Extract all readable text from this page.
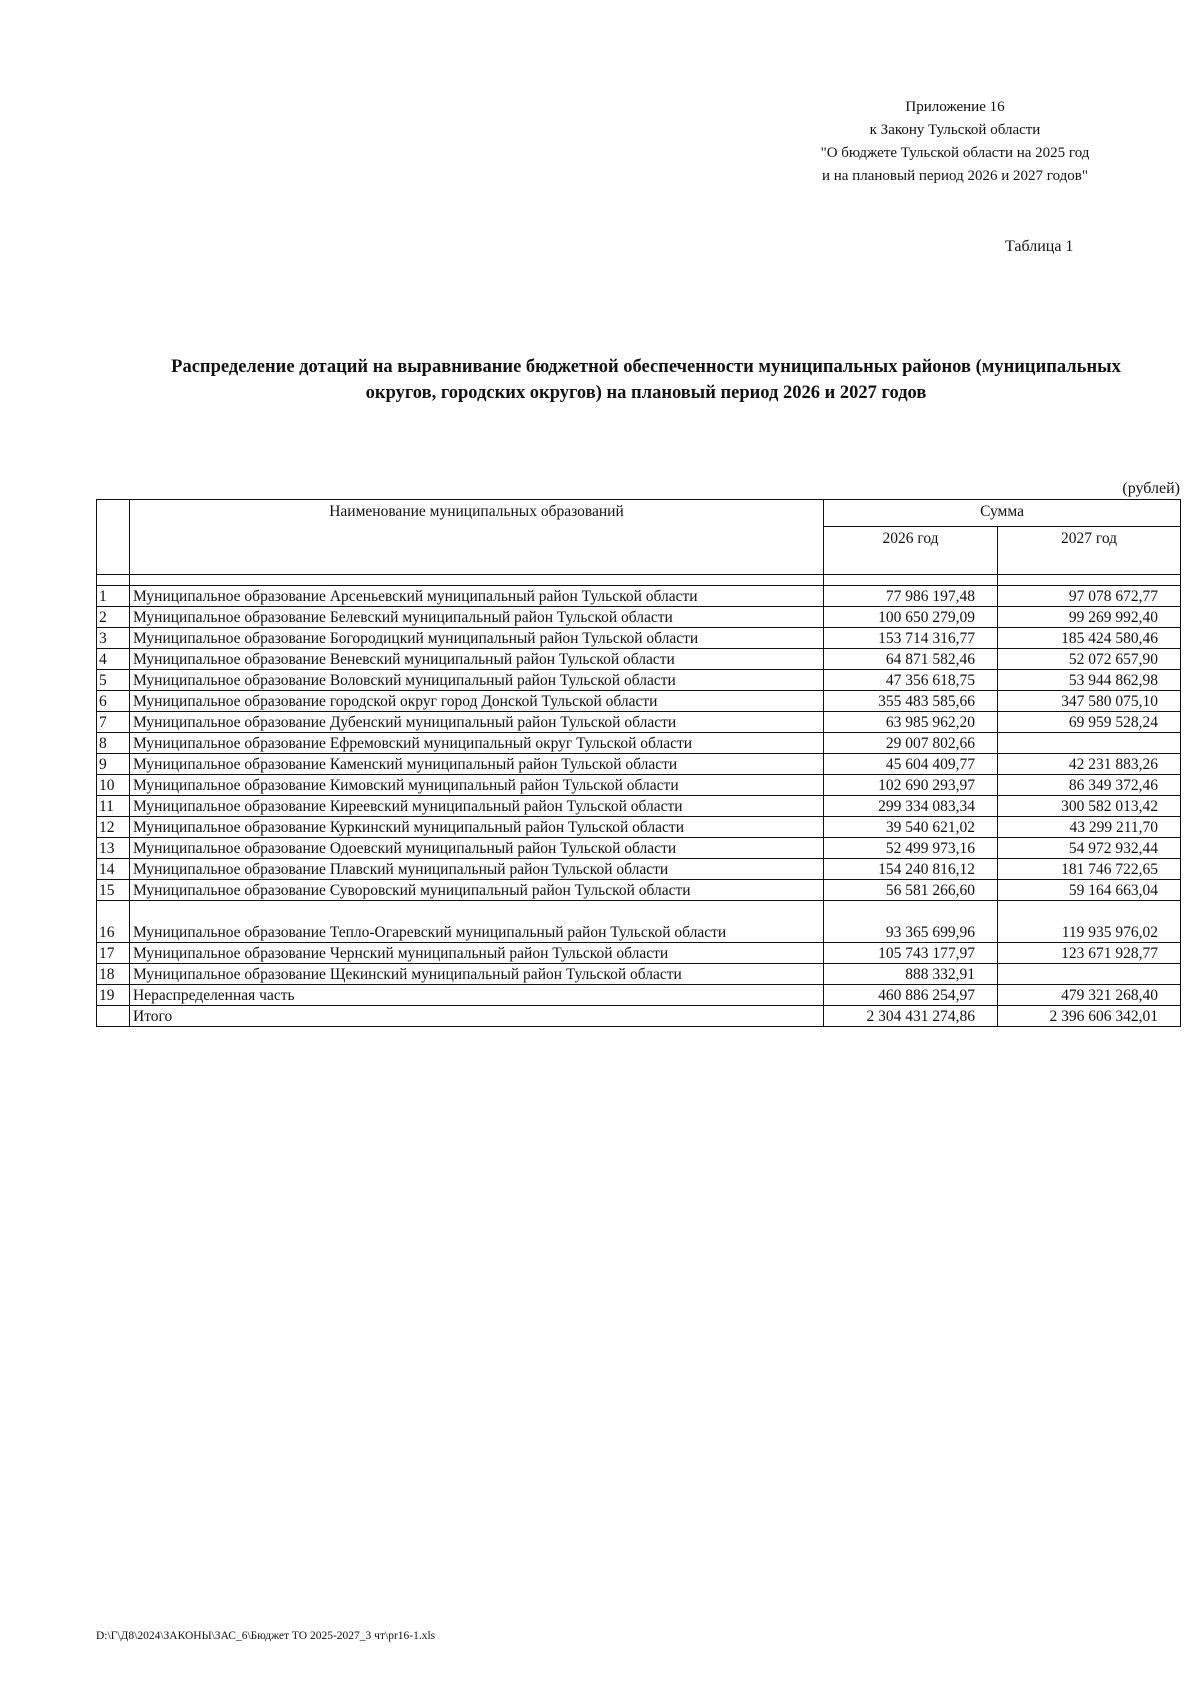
Приложение 16
к Закону Тульской области
"О бюджете Тульской области на 2025 год
и на плановый период 2026 и 2027 годов"
Таблица 1
Распределение дотаций на выравнивание бюджетной обеспеченности муниципальных районов (муниципальных
округов, городских округов) на плановый период 2026 и 2027 годов
(рублей)
	Наименование муниципальных образований	Сумма	
		2026 год	2027 год

1	Муниципальное образование Арсеньевский муниципальный район Тульской области	77 986 197,48	97 078 672,77
2	Муниципальное образование Белевский муниципальный район Тульской области	100 650 279,09	99 269 992,40
3	Муниципальное образование Богородицкий муниципальный район Тульской области	153 714 316,77	185 424 580,46
4	Муниципальное образование Веневский муниципальный район Тульской области	64 871 582,46	52 072 657,90
5	Муниципальное образование Воловский муниципальный район Тульской области	47 356 618,75	53 944 862,98
6	Муниципальное образование городской округ город Донской Тульской области	355 483 585,66	347 580 075,10
7	Муниципальное образование Дубенский муниципальный район Тульской области	63 985 962,20	69 959 528,24
8	Муниципальное образование Ефремовский муниципальный округ Тульской области	29 007 802,66	
9	Муниципальное образование Каменский муниципальный район Тульской области	45 604 409,77	42 231 883,26
10	Муниципальное образование Кимовский муниципальный район Тульской области	102 690 293,97	86 349 372,46
11	Муниципальное образование Киреевский муниципальный район Тульской области	299 334 083,34	300 582 013,42
12	Муниципальное образование Куркинский муниципальный район Тульской области	39 540 621,02	43 299 211,70
13	Муниципальное образование Одоевский муниципальный район Тульской области	52 499 973,16	54 972 932,44
14	Муниципальное образование Плавский муниципальный район Тульской области	154 240 816,12	181 746 722,65
15	Муниципальное образование Суворовский муниципальный район Тульской области	56 581 266,60	59 164 663,04
16	Муниципальное образование Тепло-Огаревский муниципальный район Тульской области	93 365 699,96	119 935 976,02
17	Муниципальное образование Чернский муниципальный район Тульской области	105 743 177,97	123 671 928,77
18	Муниципальное образование Щекинский муниципальный район Тульской области	888 332,91	
19	Нераспределенная часть	460 886 254,97	479 321 268,40
	Итого	2 304 431 274,86	2 396 606 342,01
D:\Г\Д8\2024\ЗАКОНЫ\ЗАС_6\Бюджет ТО 2025-2027_3 чт\pr16-1.xls
